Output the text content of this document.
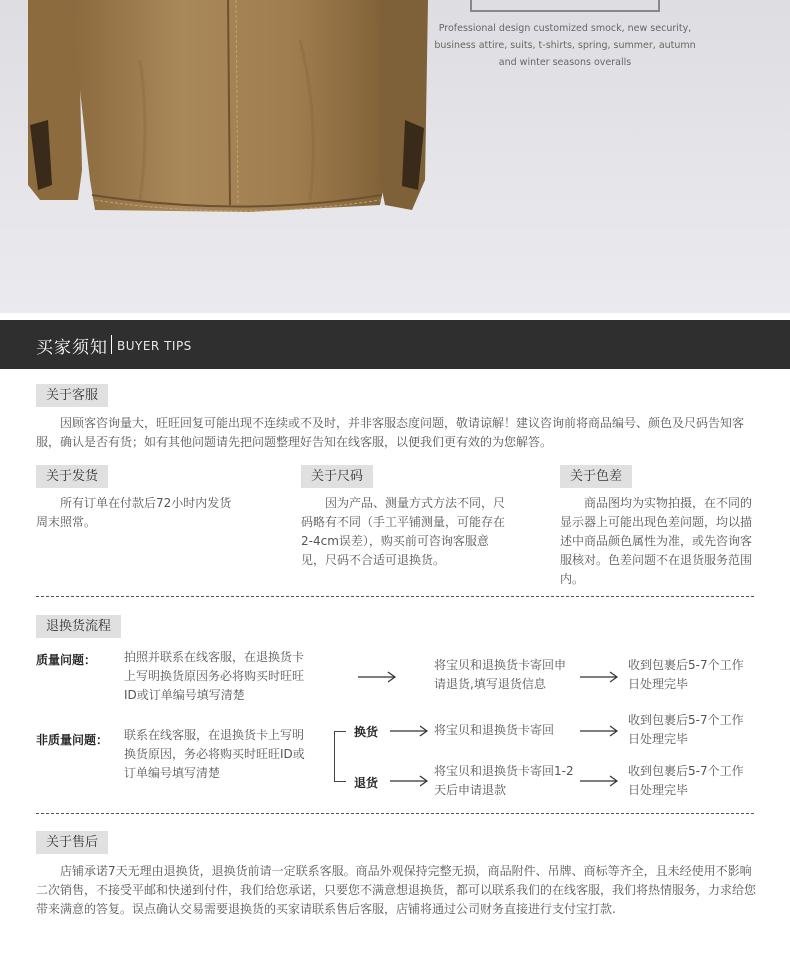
Professional design customized smock, new security, business attire, suits, t-shirts, spring, summer, autumn and winter seasons overalls
买家须知 BUYER TIPS
关于客服

因顾客咨询量大，旺旺回复可能出现不连续或不及时，并非客服态度问题，敬请谅解！建议咨询前将商品编号、颜色及尺码告知客服，确认是否有货；如有其他问题请先把问题整理好告知在线客服，以便我们更有效的为您解答。

关于发货

所有订单在付款后72小时内发货周末照常。

关于尺码

因为产品、测量方式方法不同，尺码略有不同（手工平铺测量，可能存在2-4cm误差），购买前可咨询客服意见，尺码不合适可退换货。

关于色差

商品图均为实物拍摄，在不同的显示器上可能出现色差问题，均以描述中商品颜色属性为准，或先咨询客服核对。色差问题不在退货服务范围内。

退换货流程
质量问题： 拍照并联系在线客服，在退换货卡上写明换货原因务必将购买时旺旺ID或订单编号填写清楚
将宝贝和退换货卡寄回申请退货,填写退货信息
收到包裹后5-7个工作日处理完毕
非质量问题： 联系在线客服，在退换货卡上写明换货原因，务必将购买时旺旺ID或订单编号填写清楚
换货	将宝贝和退换货卡寄回
收到包裹后5-7个工作日处理完毕
退货
将宝贝和退换货卡寄回1-2天后申请退款
收到包裹后5-7个工作日处理完毕
关于售后

店铺承诺7天无理由退换货，退换货前请一定联系客服。商品外观保持完整无损，商品附件、吊牌、商标等齐全，且未经使用不影响二次销售，不接受平邮和快递到付件，我们给您承诺，只要您不满意想退换货，都可以联系我们的在线客服，我们将热情服务，力求给您带来满意的答复。误点确认交易需要退换货的买家请联系售后客服，店铺将通过公司财务直接进行支付宝打款.
